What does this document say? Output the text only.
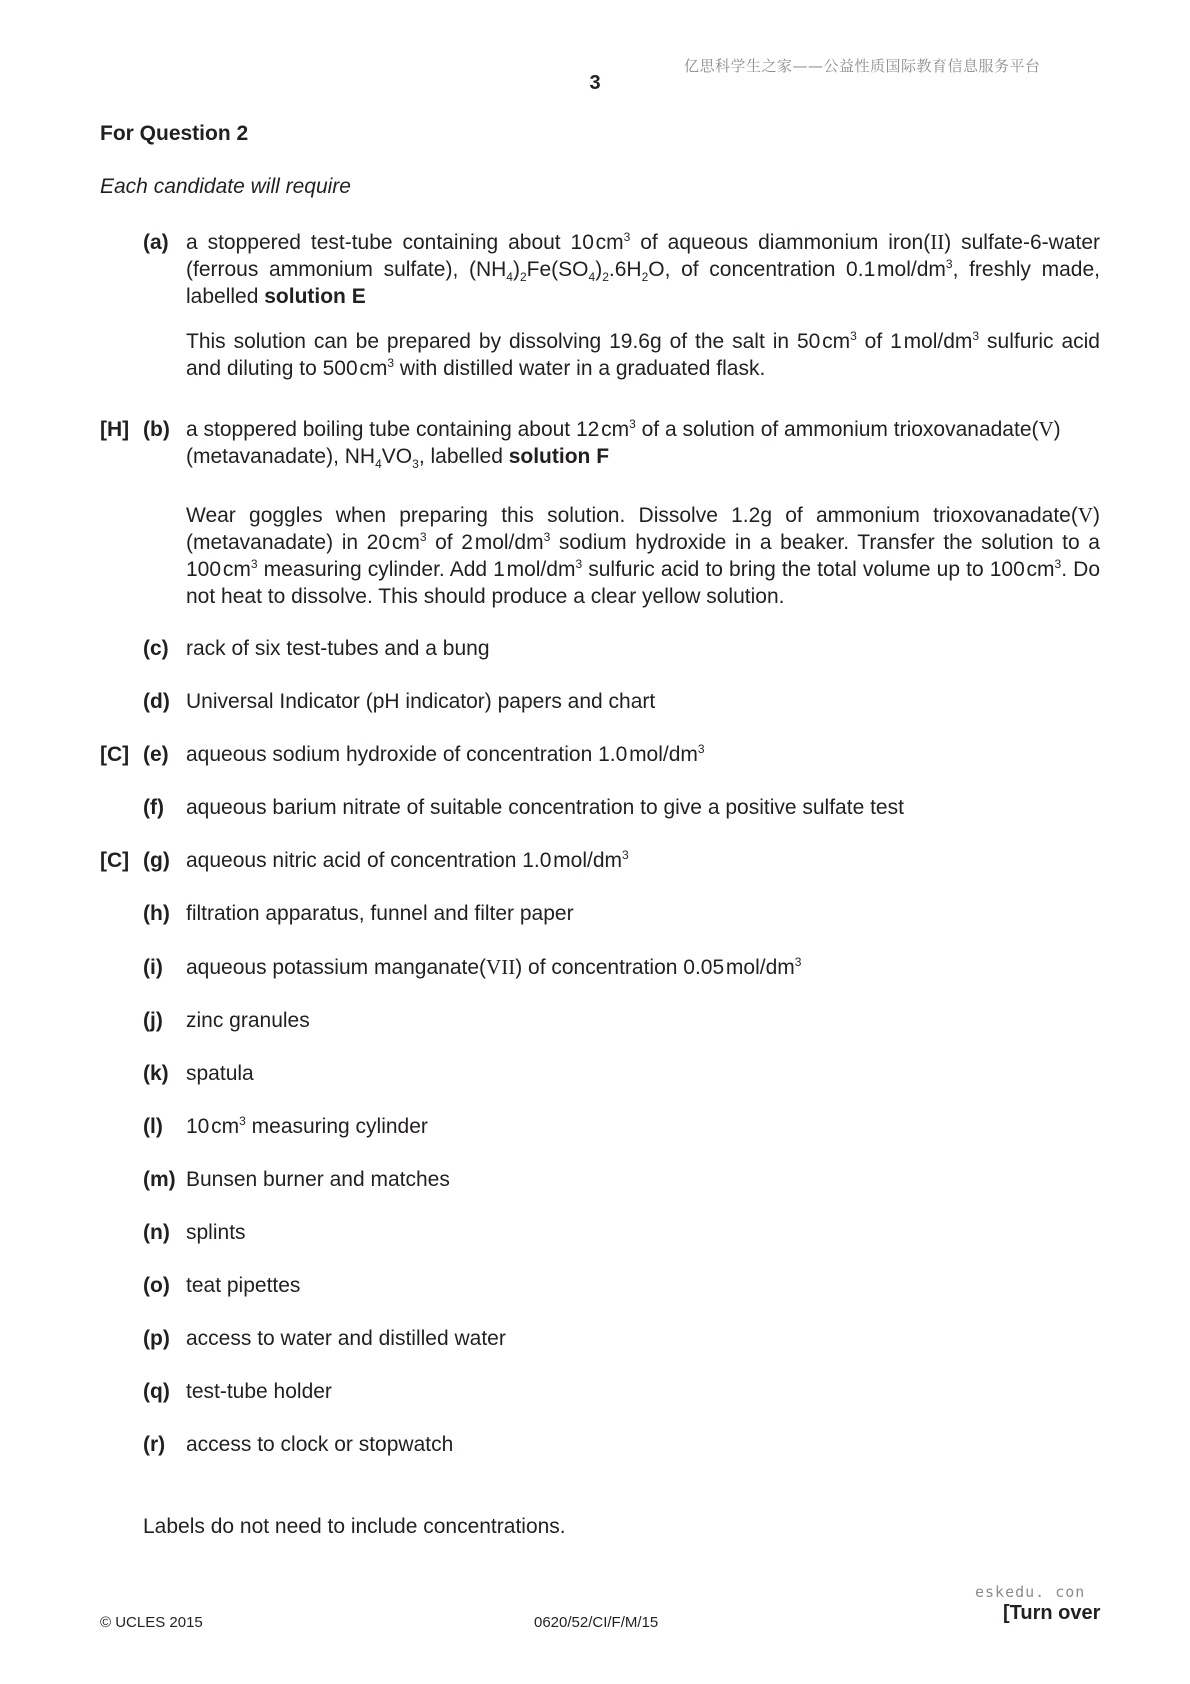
亿思科学生之家——公益性质国际教育信息服务平台
3
For Question 2
Each candidate will require
(a) a stoppered test-tube containing about 10 $cm^3$ of aqueous diammonium iron(II) sulfate-6-water (ferrous ammonium sulfate), $(NH_4)_2Fe(SO_4)_2.6H_2O$, of concentration 0.1 mol/$dm^3$, freshly made, labelled solution E
This solution can be prepared by dissolving 19.6g of the salt in 50 $cm^3$ of 1 mol/$dm^3$ sulfuric acid and diluting to 500 $cm^3$ with distilled water in a graduated flask.
[H] (b) a stoppered boiling tube containing about 12 $cm^3$ of a solution of ammonium trioxovanadate(V) (metavanadate), $NH_4VO_3$, labelled solution F
Wear goggles when preparing this solution. Dissolve 1.2g of ammonium trioxovanadate(V) (metavanadate) in 20 $cm^3$ of 2 mol/$dm^3$ sodium hydroxide in a beaker. Transfer the solution to a 100 $cm^3$ measuring cylinder. Add 1 mol/$dm^3$ sulfuric acid to bring the total volume up to 100 $cm^3$. Do not heat to dissolve. This should produce a clear yellow solution.
(c) rack of six test-tubes and a bung
(d) Universal Indicator (pH indicator) papers and chart
[C] (e) aqueous sodium hydroxide of concentration 1.0 mol/$dm^3$
(f) aqueous barium nitrate of suitable concentration to give a positive sulfate test
[C] (g) aqueous nitric acid of concentration 1.0 mol/$dm^3$
(h) filtration apparatus, funnel and filter paper
(i) aqueous potassium manganate(VII) of concentration 0.05 mol/$dm^3$
(j) zinc granules
(k) spatula
(l) 10 $cm^3$ measuring cylinder
(m) Bunsen burner and matches
(n) splints
(o) teat pipettes
(p) access to water and distilled water
(q) test-tube holder
(r) access to clock or stopwatch
Labels do not need to include concentrations.
eskedu. con
© UCLES 2015	0620/52/CI/F/M/15	[Turn over
